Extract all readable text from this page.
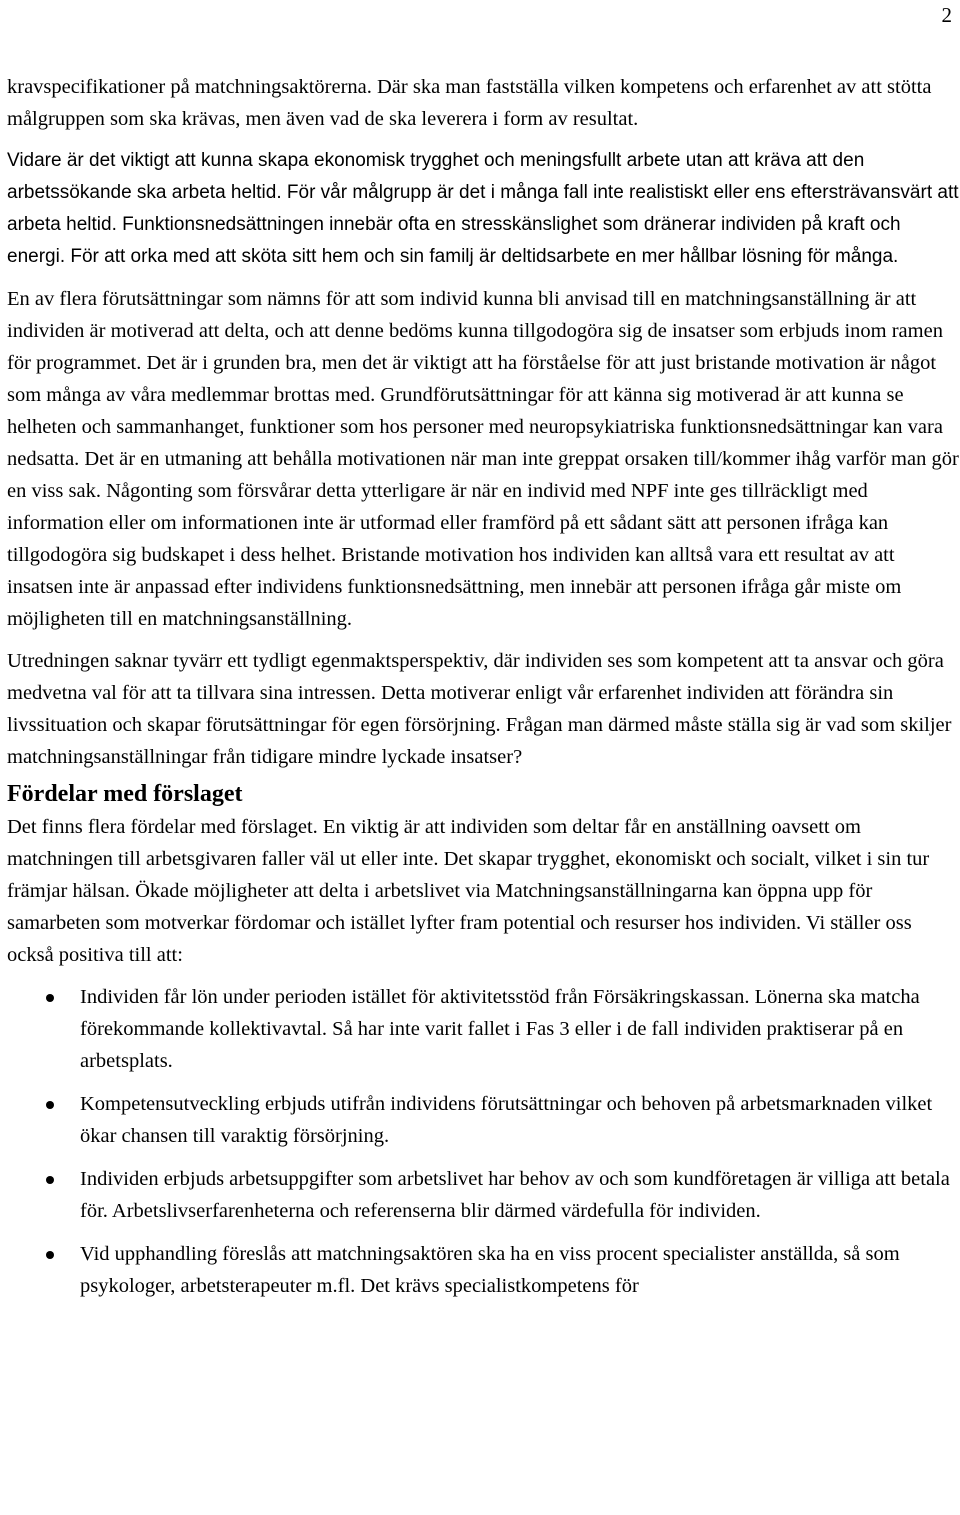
2

kravspecifikationer på matchningsaktörerna. Där ska man fastställa vilken kompetens och erfarenhet av att stötta målgruppen som ska krävas, men även vad de ska leverera i form av resultat.

Vidare är det viktigt att kunna skapa ekonomisk trygghet och meningsfullt arbete utan att kräva att den arbetssökande ska arbeta heltid. För vår målgrupp är det i många fall inte realistiskt eller ens eftersträvansvärt att arbeta heltid. Funktionsnedsättningen innebär ofta en stresskänslighet som dränerar individen på kraft och energi. För att orka med att sköta sitt hem och sin familj är deltidsarbete en mer hållbar lösning för många.

En av flera förutsättningar som nämns för att som individ kunna bli anvisad till en matchningsanställning är att individen är motiverad att delta, och att denne bedöms kunna tillgodogöra sig de insatser som erbjuds inom ramen för programmet. Det är i grunden bra, men det är viktigt att ha förståelse för att just bristande motivation är något som många av våra medlemmar brottas med. Grundförutsättningar för att känna sig motiverad är att kunna se helheten och sammanhanget, funktioner som hos personer med neuropsykiatriska funktionsnedsättningar kan vara nedsatta. Det är en utmaning att behålla motivationen när man inte greppat orsaken till/kommer ihåg varför man gör en viss sak. Någonting som försvårar detta ytterligare är när en individ med NPF inte ges tillräckligt med information eller om informationen inte är utformad eller framförd på ett sådant sätt att personen ifråga kan tillgodogöra sig budskapet i dess helhet. Bristande motivation hos individen kan alltså vara ett resultat av att insatsen inte är anpassad efter individens funktionsnedsättning, men innebär att personen ifråga går miste om möjligheten till en matchningsanställning.

Utredningen saknar tyvärr ett tydligt egenmaktsperspektiv, där individen ses som kompetent att ta ansvar och göra medvetna val för att ta tillvara sina intressen. Detta motiverar enligt vår erfarenhet individen att förändra sin livssituation och skapar förutsättningar för egen försörjning. Frågan man därmed måste ställa sig är vad som skiljer matchningsanställningar från tidigare mindre lyckade insatser?

Fördelar med förslaget

Det finns flera fördelar med förslaget. En viktig är att individen som deltar får en anställning oavsett om matchningen till arbetsgivaren faller väl ut eller inte. Det skapar trygghet, ekonomiskt och socialt, vilket i sin tur främjar hälsan. Ökade möjligheter att delta i arbetslivet via Matchningsanställningarna kan öppna upp för samarbeten som motverkar fördomar och istället lyfter fram potential och resurser hos individen. Vi ställer oss också positiva till att:

Individen får lön under perioden istället för aktivitetsstöd från Försäkringskassan. Lönerna ska matcha förekommande kollektivavtal. Så har inte varit fallet i Fas 3 eller i de fall individen praktiserar på en arbetsplats.
Kompetensutveckling erbjuds utifrån individens förutsättningar och behoven på arbetsmarknaden vilket ökar chansen till varaktig försörjning.
Individen erbjuds arbetsuppgifter som arbetslivet har behov av och som kundföretagen är villiga att betala för. Arbetslivserfarenheterna och referenserna blir därmed värdefulla för individen.
Vid upphandling föreslås att matchningsaktören ska ha en viss procent specialister anställda, så som psykologer, arbetsterapeuter m.fl. Det krävs specialistkompetens för
